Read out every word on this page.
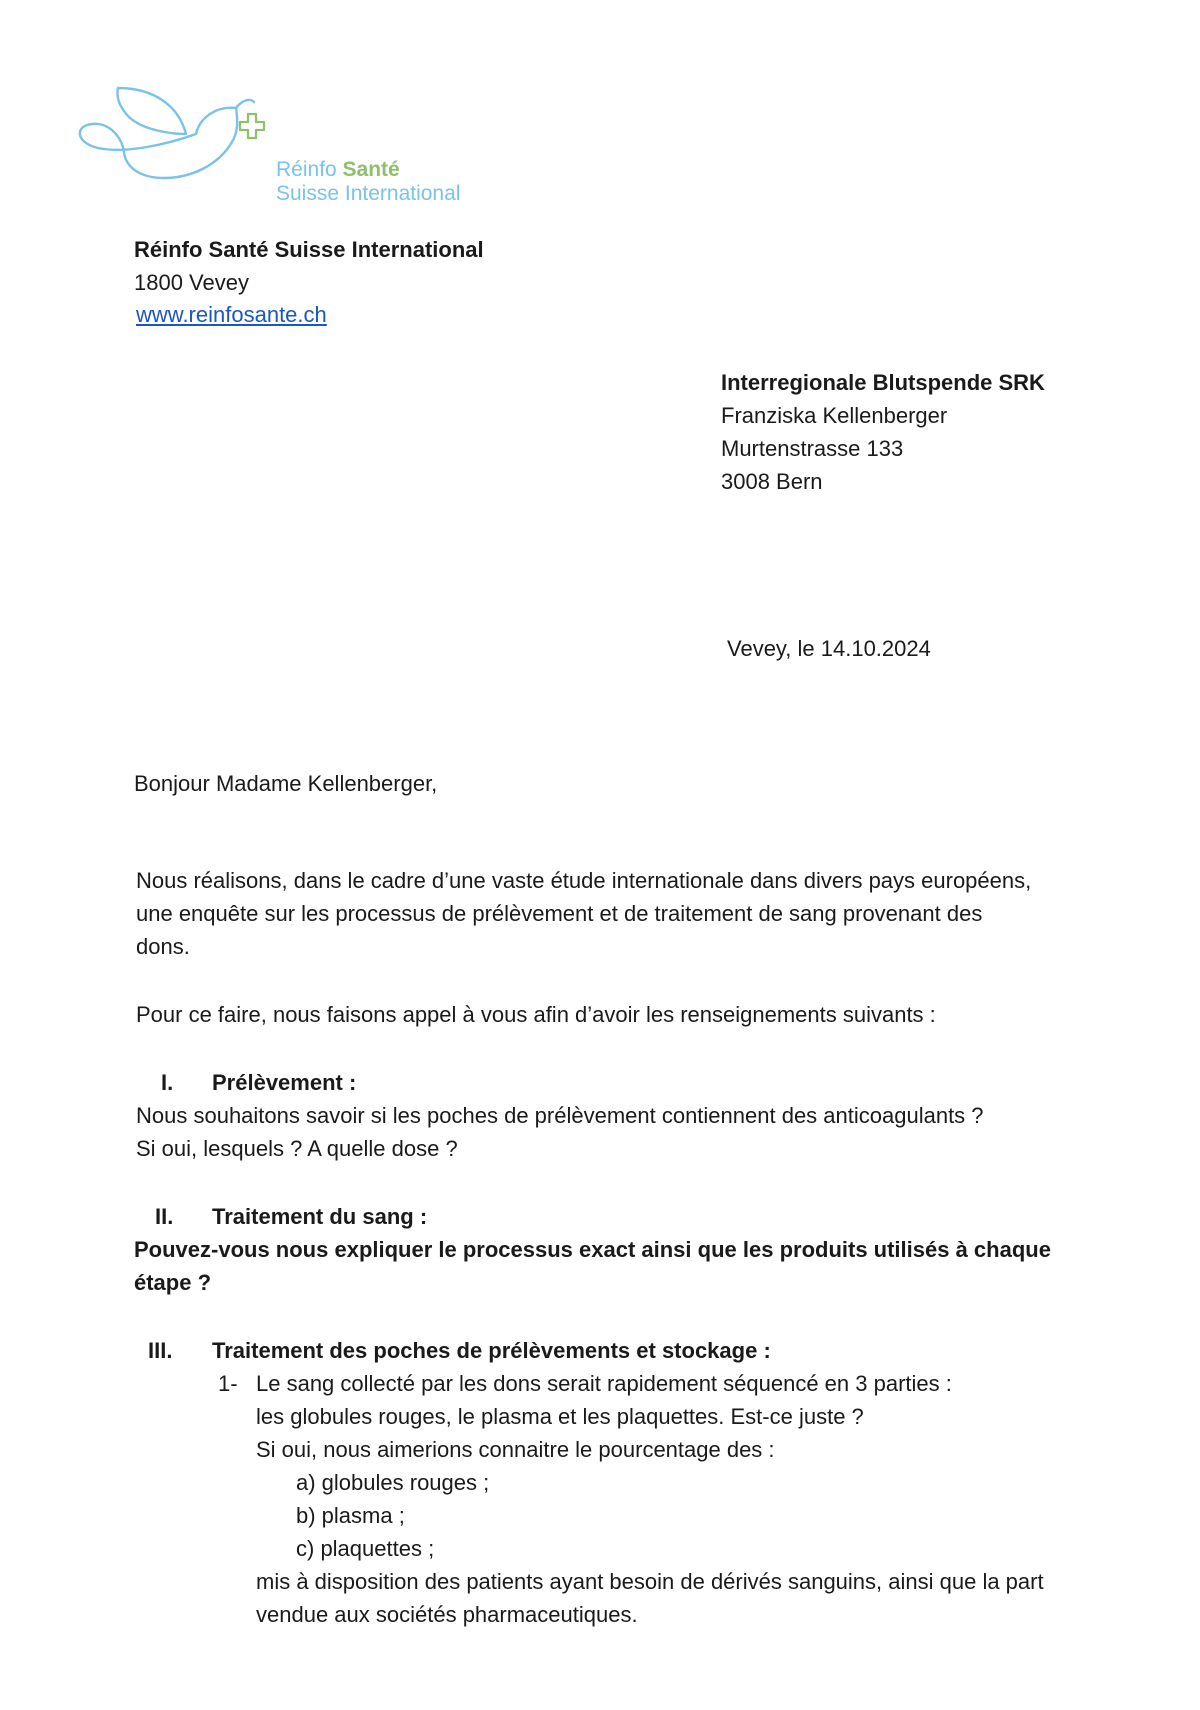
Réinfo Santé
Suisse International
Réinfo Santé Suisse International
1800 Vevey
www.reinfosante.ch
Interregionale Blutspende SRK
Franziska Kellenberger
Murtenstrasse 133
3008 Bern
Vevey, le 14.10.2024
Bonjour Madame Kellenberger,
Nous réalisons, dans le cadre d’une vaste étude internationale dans divers pays européens,
une enquête sur les processus de prélèvement et de traitement de sang provenant des
dons.
Pour ce faire, nous faisons appel à vous afin d’avoir les renseignements suivants :
I. Prélèvement :
Nous souhaitons savoir si les poches de prélèvement contiennent des anticoagulants ?
Si oui, lesquels ? A quelle dose ?
II. Traitement du sang :
Pouvez-vous nous expliquer le processus exact ainsi que les produits utilisés à chaque
étape ?
III. Traitement des poches de prélèvements et stockage :
1- Le sang collecté par les dons serait rapidement séquencé en 3 parties :
les globules rouges, le plasma et les plaquettes. Est-ce juste ?
Si oui, nous aimerions connaitre le pourcentage des :
a) globules rouges ;
b) plasma ;
c) plaquettes ;
mis à disposition des patients ayant besoin de dérivés sanguins, ainsi que la part
vendue aux sociétés pharmaceutiques.
